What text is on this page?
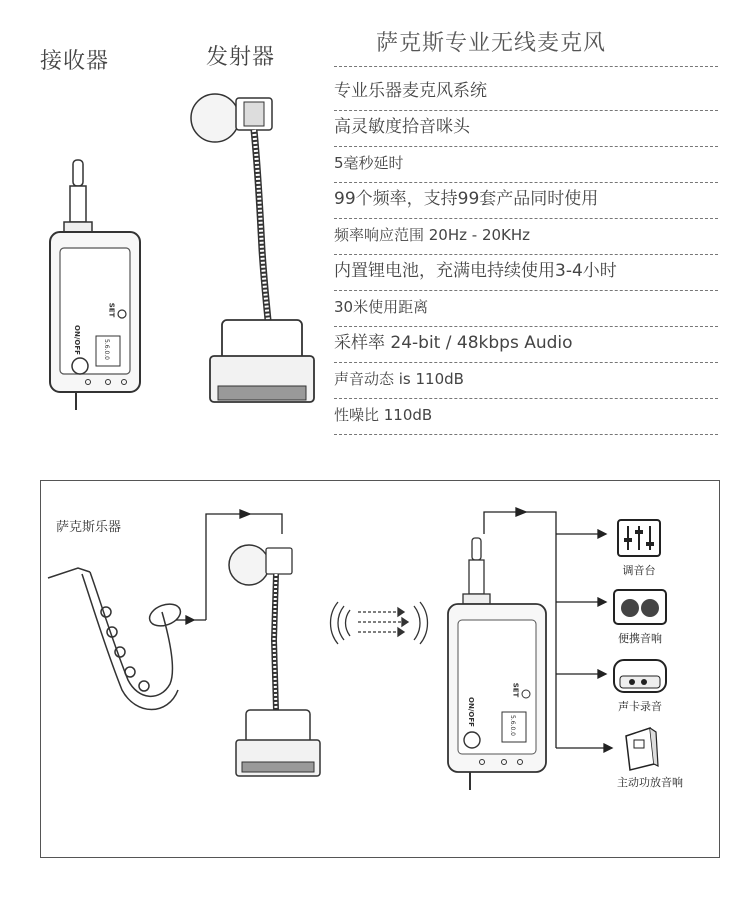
接收器	发射器
萨克斯专业无线麦克风
专业乐器麦克风系统
高灵敏度拾音咪头
5毫秒延时
99个频率，支持99套产品同时使用
频率响应范围 20Hz - 20KHz
内置锂电池，充满电持续使用3-4小时
30米使用距离
采样率 24-bit / 48kbps Audio
声音动态 is 110dB
性噪比 110dB
SET
ON/OFF	5.6.0.0
萨克斯乐器
SET
ON/OFF	5.6.0.0
调音台
便携音响
声卡录音
主动功放音响
